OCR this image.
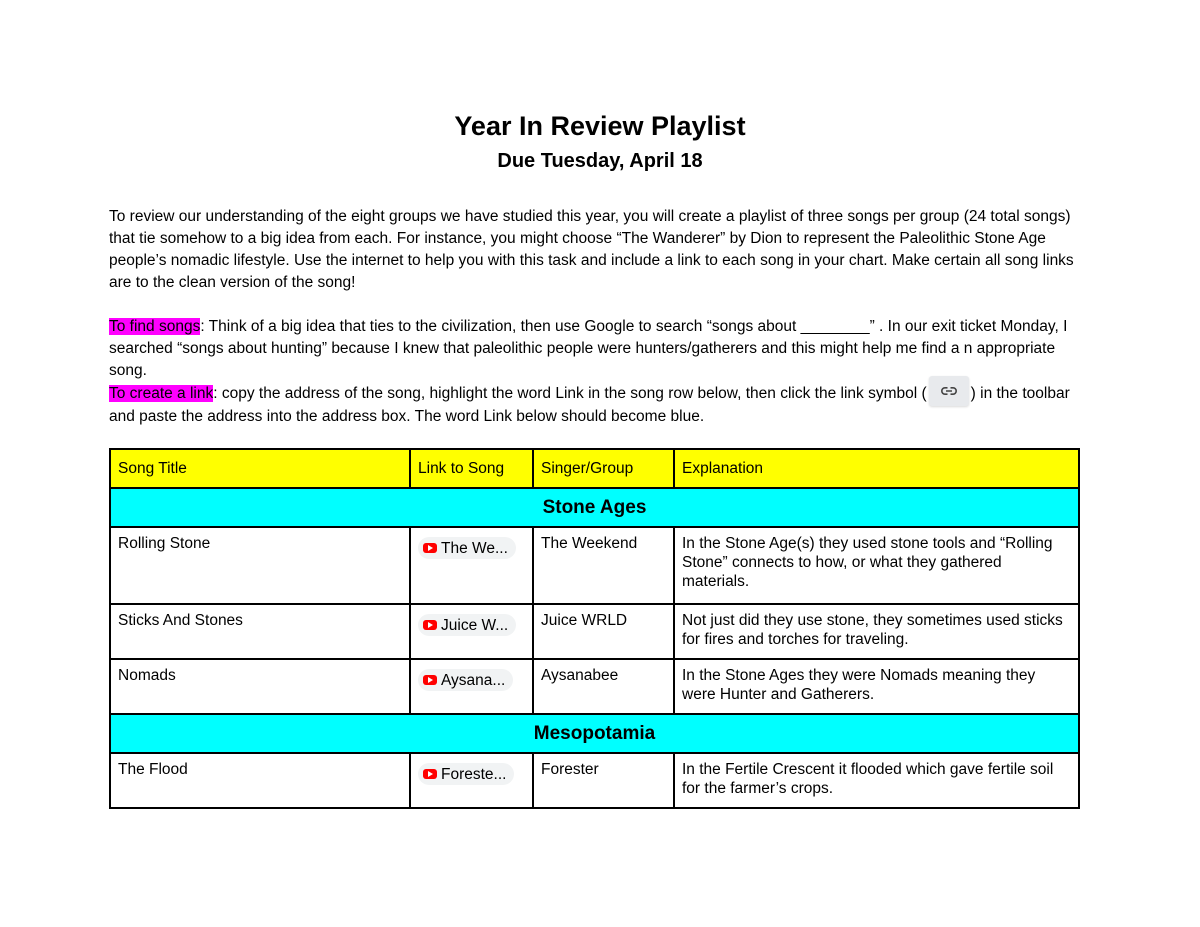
Year In Review Playlist
Due Tuesday, April 18
To review our understanding of the eight groups we have studied this year, you will create a playlist of three songs per group (24 total songs) that tie somehow to a big idea from each. For instance, you might choose “The Wanderer” by Dion to represent the Paleolithic Stone Age people’s nomadic lifestyle. Use the internet to help you with this task and include a link to each song in your chart. Make certain all song links are to the clean version of the song!
To find songs: Think of a big idea that ties to the civilization, then use Google to search “songs about ________” . In our exit ticket Monday, I searched “songs about hunting” because I knew that paleolithic people were hunters/gatherers and this might help me find a n appropriate song.
To create a link: copy the address of the song, highlight the word Link in the song row below, then click the link symbol (	) in the toolbar and paste the address into the address box. The word Link below should become blue.
Song Title	Link to Song	Singer/Group	Explanation
Stone Ages			
Rolling Stone	The We...	The Weekend	In the Stone Age(s) they used stone tools and “Rolling Stone” connects to how, or what they gathered materials.
Sticks And Stones	Juice W...	Juice WRLD	Not just did they use stone, they sometimes used sticks for fires and torches for traveling.
Nomads	Aysana...	Aysanabee	In the Stone Ages they were Nomads meaning they were Hunter and Gatherers.
Mesopotamia			
The Flood	Foreste...	Forester	In the Fertile Crescent it flooded which gave fertile soil for the farmer’s crops.
